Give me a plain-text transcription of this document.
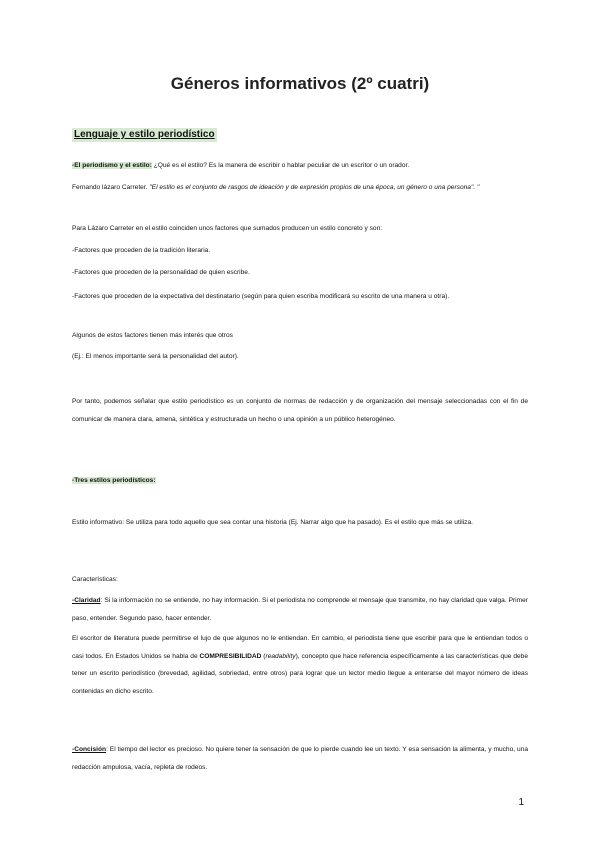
Géneros informativos (2º cuatri)
Lenguaje y estilo periodístico

-El periodismo y el estilo: ¿Qué es el estilo? Es la manera de escribir o hablar peculiar de un escritor o un orador.

Fernando lázaro Carreter. "El estilo es el conjunto de rasgos de ideación y de expresión propios de una época, un género o una persona". "

Para Lázaro Carreter en el estilo coinciden unos factores que sumados producen un estilo concreto y son:

-Factores que proceden de la tradición literaria.

-Factores que proceden de la personalidad de quien escribe.

-Factores que proceden de la expectativa del destinatario (según para quien escriba modificará su escrito de una manera u otra).

Algunos de estos factores tienen más interés que otros

(Ej.: El menos importante será la personalidad del autor).

Por tanto, podemos señalar que estilo periodístico es un conjunto de normas de redacción y de organización del mensaje seleccionadas con el fin de comunicar de manera clara, amena, sintética y estructurada un hecho o una opinión a un público heterogéneo.

-Tres estilos periodísticos:

Estilo informativo: Se utiliza para todo aquello que sea contar una historia (Ej. Narrar algo que ha pasado). Es el estilo que más se utiliza.

Características:

-Claridad: Si la información no se entiende, no hay información. Si el periodista no comprende el mensaje que transmite, no hay claridad que valga. Primer paso, entender. Segundo paso, hacer entender.

El escritor de literatura puede permitirse el lujo de que algunos no le entiendan. En cambio, el periodista tiene que escribir para que le entiendan todos o casi todos. En Estados Unidos se habla de COMPRESIBILIDAD (readability), concepto que hace referencia específicamente a las características que debe tener un escrito periodístico (brevedad, agilidad, sobriedad, entre otros) para lograr que un lector medio llegue a enterarse del mayor número de ideas contenidas en dicho escrito.

-Concisión: El tiempo del lector es precioso. No quiere tener la sensación de que lo pierde cuando lee un texto. Y esa sensación la alimenta, y mucho, una redacción ampulosa, vacía, repleta de rodeos.

1
